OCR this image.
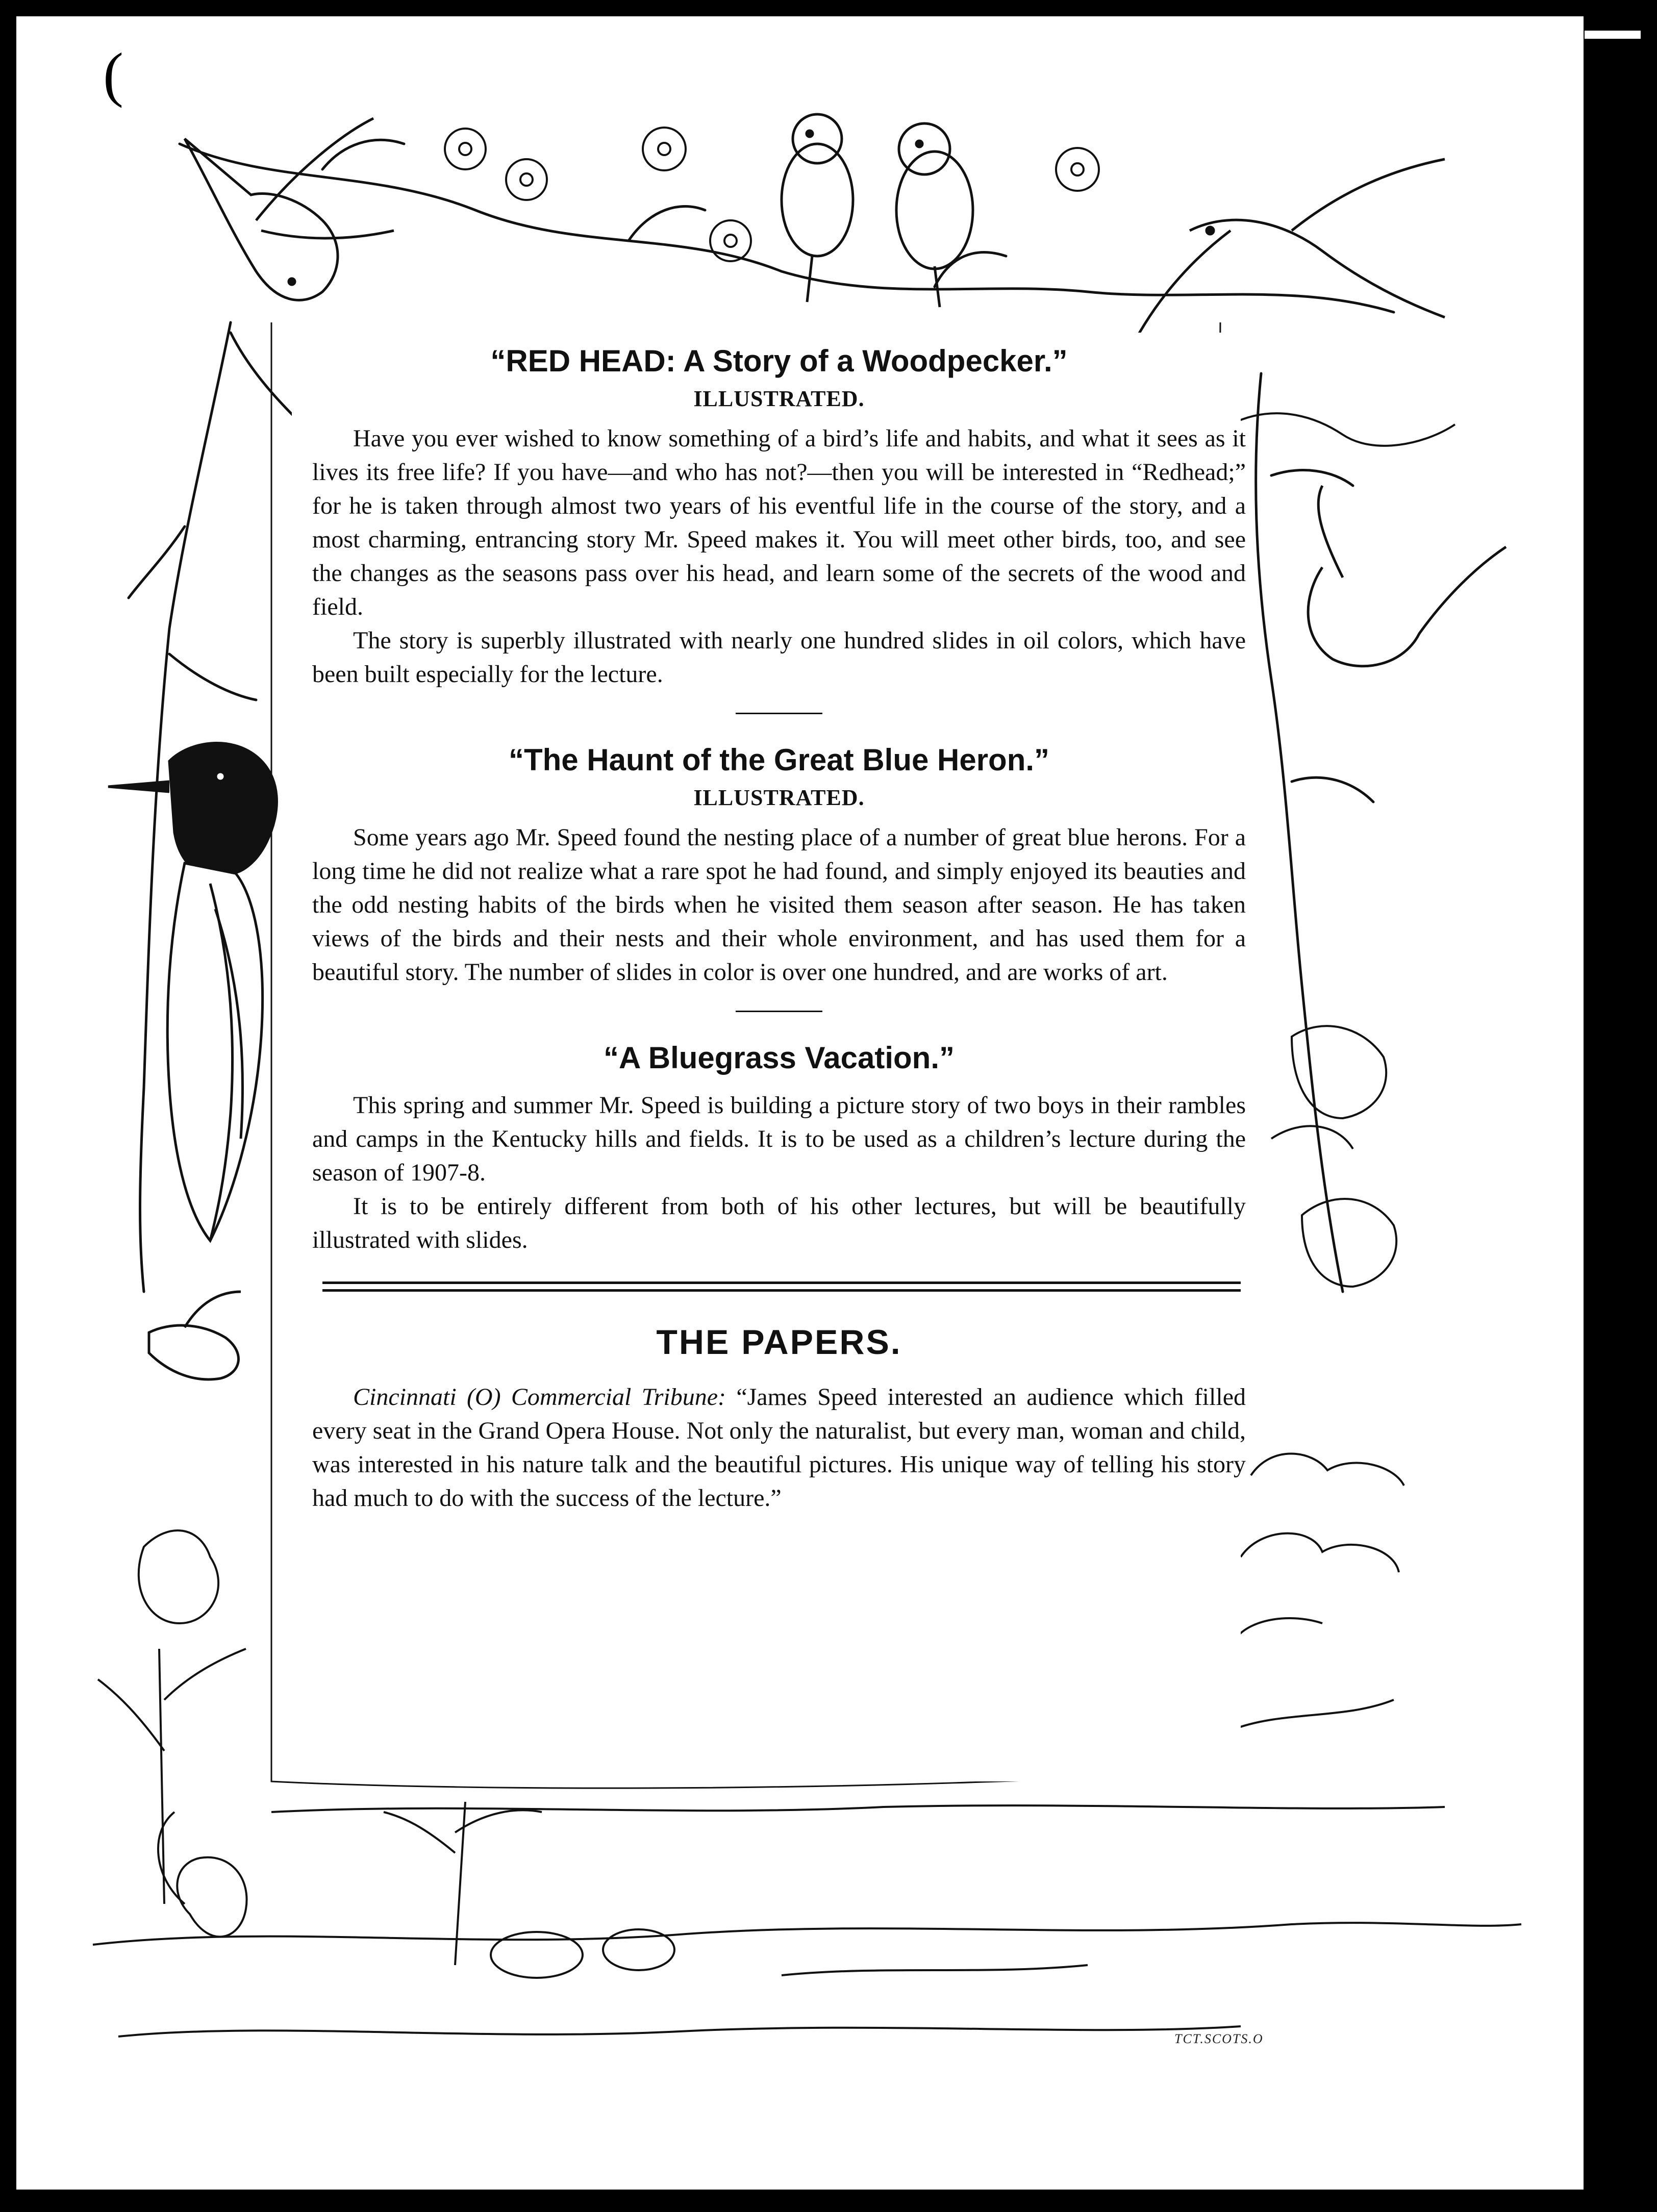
(
“RED HEAD: A Story of a Woodpecker.”
ILLUSTRATED.

Have you ever wished to know something of a bird’s life and habits, and what it sees as it lives its free life? If you have—and who has not?—then you will be interested in “Redhead;” for he is taken through almost two years of his eventful life in the course of the story, and a most charming, entrancing story Mr. Speed makes it. You will meet other birds, too, and see the changes as the seasons pass over his head, and learn some of the secrets of the wood and field.

The story is superbly illustrated with nearly one hundred slides in oil colors, which have been built especially for the lecture.

“The Haunt of the Great Blue Heron.”
ILLUSTRATED.

Some years ago Mr. Speed found the nesting place of a number of great blue herons. For a long time he did not realize what a rare spot he had found, and simply enjoyed its beauties and the odd nesting habits of the birds when he visited them season after season. He has taken views of the birds and their nests and their whole environment, and has used them for a beautiful story. The number of slides in color is over one hundred, and are works of art.

“A Bluegrass Vacation.”

This spring and summer Mr. Speed is building a picture story of two boys in their rambles and camps in the Kentucky hills and fields. It is to be used as a children’s lecture during the season of 1907-8.

It is to be entirely different from both of his other lectures, but will be beautifully illustrated with slides.

THE PAPERS.

Cincinnati (O) Commercial Tribune: “James Speed interested an audience which filled every seat in the Grand Opera House. Not only the naturalist, but every man, woman and child, was interested in his nature talk and the beautiful pictures. His unique way of telling his story had much to do with the success of the lecture.”

TCT.SCOTS.O
